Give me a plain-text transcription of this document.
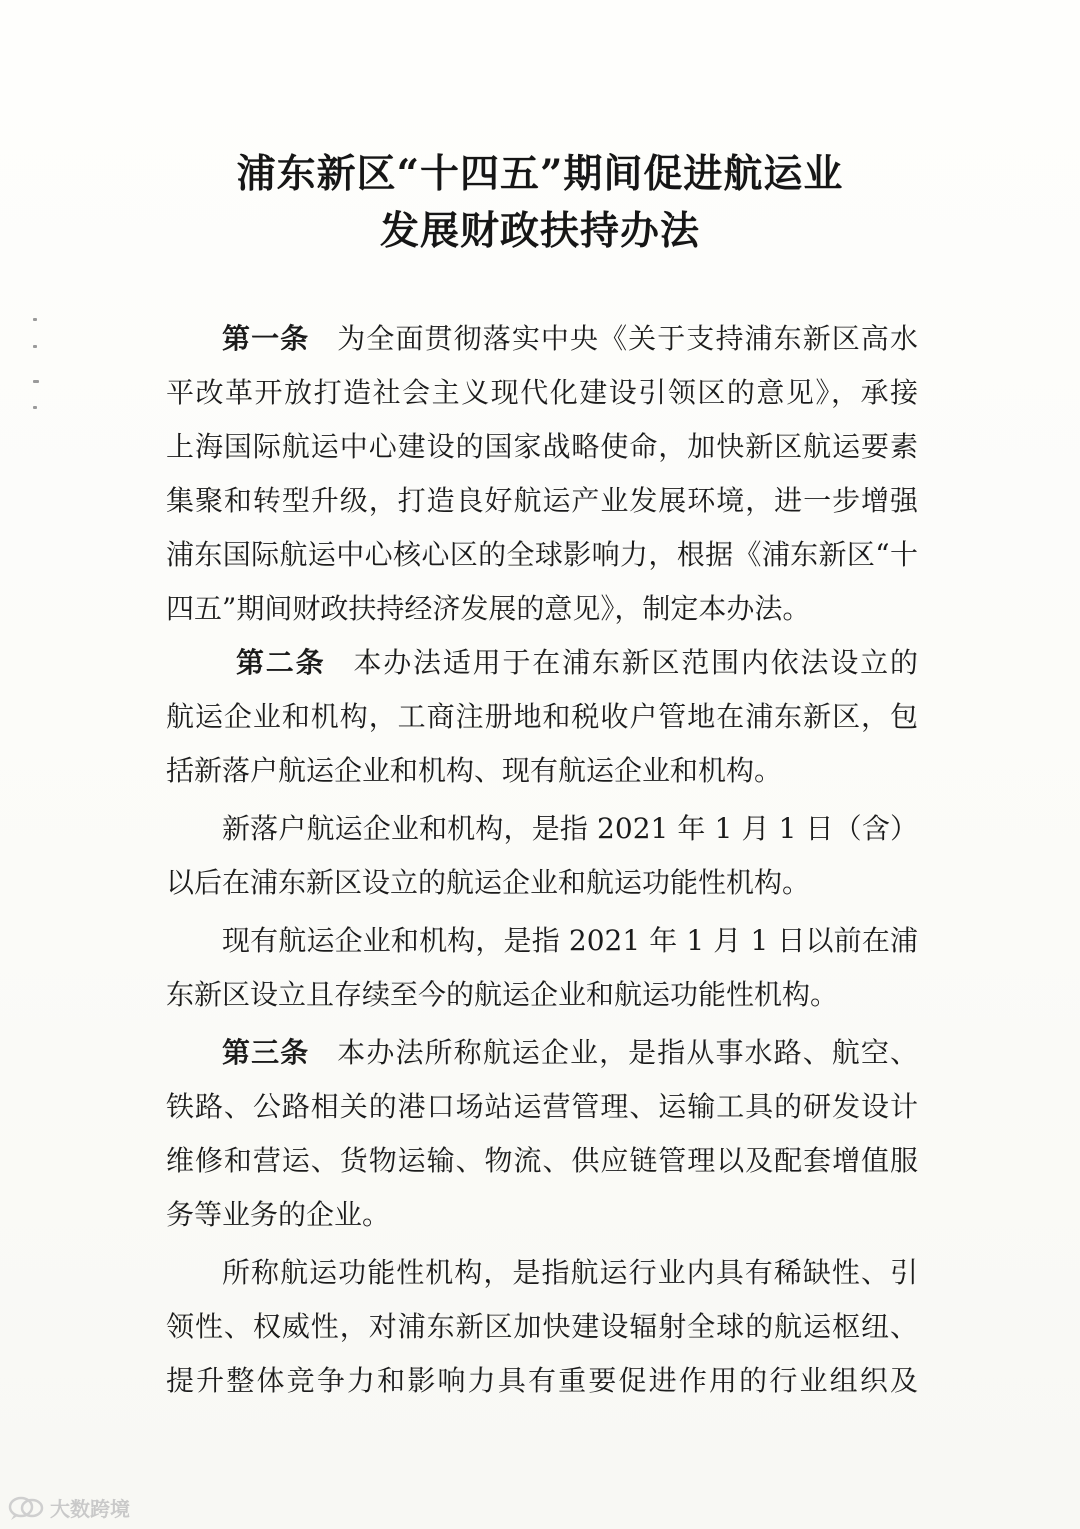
浦东新区“十四五”期间促进航运业
发展财政扶持办法
第一条 为全面贯彻落实中央《关于支持浦东新区高水
平改革开放打造社会主义现代化建设引领区的意见》，承接
上海国际航运中心建设的国家战略使命，加快新区航运要素
集聚和转型升级，打造良好航运产业发展环境，进一步增强
浦东国际航运中心核心区的全球影响力，根据《浦东新区“十
四五”期间财政扶持经济发展的意见》，制定本办法。
第二条 本办法适用于在浦东新区范围内依法设立的
航运企业和机构，工商注册地和税收户管地在浦东新区，包
括新落户航运企业和机构、现有航运企业和机构。
新落户航运企业和机构，是指 2021 年 1 月 1 日（含）
以后在浦东新区设立的航运企业和航运功能性机构。
现有航运企业和机构，是指 2021 年 1 月 1 日以前在浦
东新区设立且存续至今的航运企业和航运功能性机构。
第三条 本办法所称航运企业，是指从事水路、航空、
铁路、公路相关的港口场站运营管理、运输工具的研发设计
维修和营运、货物运输、物流、供应链管理以及配套增值服
务等业务的企业。
所称航运功能性机构，是指航运行业内具有稀缺性、引
领性、权威性，对浦东新区加快建设辐射全球的航运枢纽、
提升整体竞争力和影响力具有重要促进作用的行业组织及
大数跨境
